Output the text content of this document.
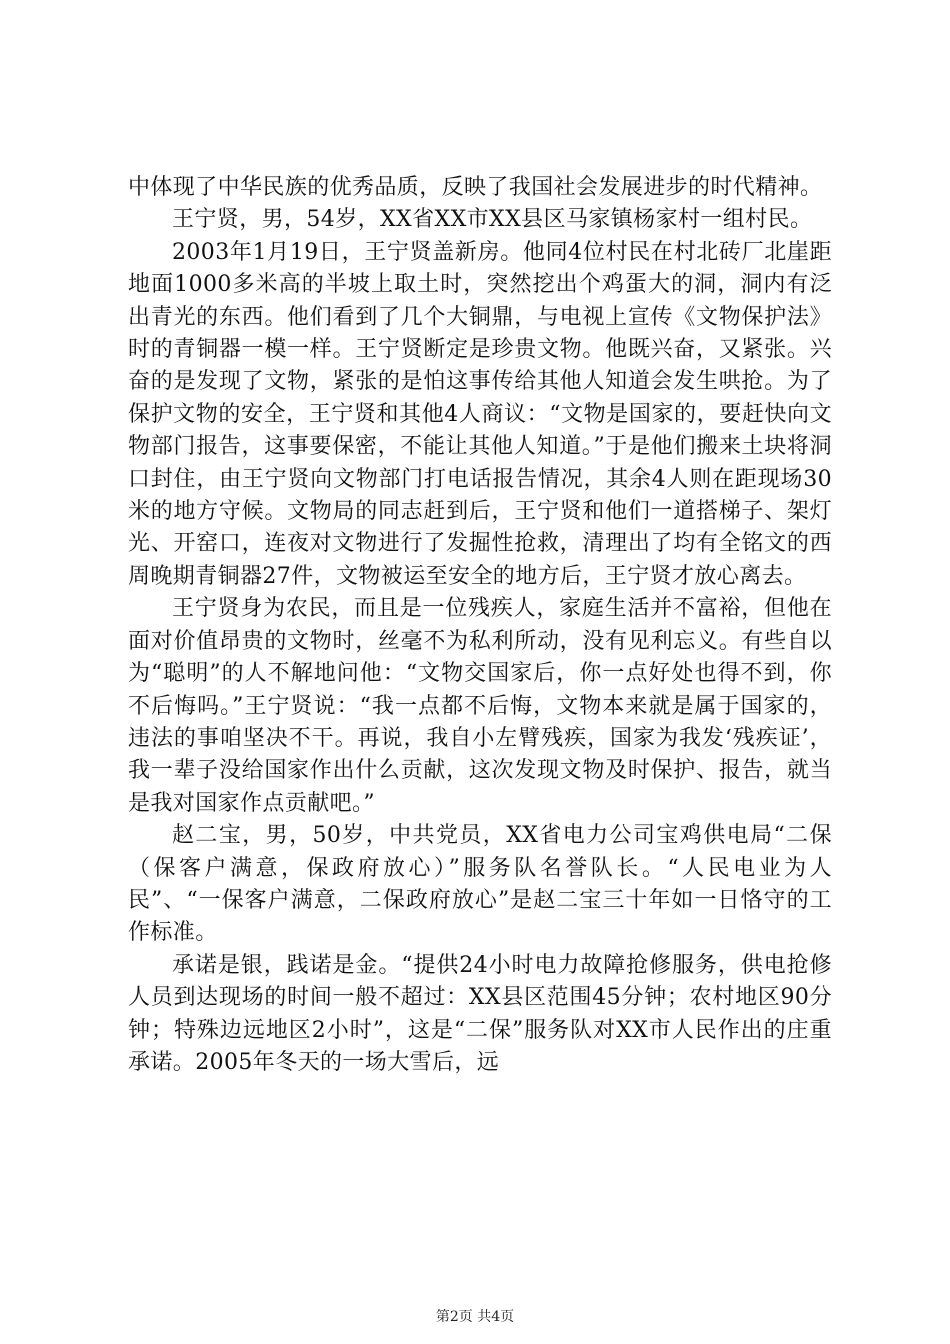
中体现了中华民族的优秀品质，反映了我国社会发展进步的时代精神。

王宁贤，男，54岁，XX省XX市XX县区马家镇杨家村一组村民。

2003年1月19日，王宁贤盖新房。他同4位村民在村北砖厂北崖距地面1000多米高的半坡上取土时，突然挖出个鸡蛋大的洞，洞内有泛出青光的东西。他们看到了几个大铜鼎，与电视上宣传《文物保护法》时的青铜器一模一样。王宁贤断定是珍贵文物。他既兴奋，又紧张。兴奋的是发现了文物，紧张的是怕这事传给其他人知道会发生哄抢。为了保护文物的安全，王宁贤和其他4人商议：“文物是国家的，要赶快向文物部门报告，这事要保密，不能让其他人知道。”于是他们搬来土块将洞口封住，由王宁贤向文物部门打电话报告情况，其余4人则在距现场30米的地方守候。文物局的同志赶到后，王宁贤和他们一道搭梯子、架灯光、开窑口，连夜对文物进行了发掘性抢救，清理出了均有全铭文的西周晚期青铜器27件，文物被运至安全的地方后，王宁贤才放心离去。

王宁贤身为农民，而且是一位残疾人，家庭生活并不富裕，但他在面对价值昂贵的文物时，丝毫不为私利所动，没有见利忘义。有些自以为“聪明”的人不解地问他：“文物交国家后，你一点好处也得不到，你不后悔吗。”王宁贤说：“我一点都不后悔，文物本来就是属于国家的，违法的事咱坚决不干。再说，我自小左臂残疾，国家为我发‘残疾证’，我一辈子没给国家作出什么贡献，这次发现文物及时保护、报告，就当是我对国家作点贡献吧。”

赵二宝，男，50岁，中共党员，XX省电力公司宝鸡供电局“二保（保客户满意，保政府放心）”服务队名誉队长。“人民电业为人民”、“一保客户满意，二保政府放心”是赵二宝三十年如一日恪守的工作标准。

承诺是银，践诺是金。“提供24小时电力故障抢修服务，供电抢修人员到达现场的时间一般不超过：XX县区范围45分钟；农村地区90分钟；特殊边远地区2小时”，这是“二保”服务队对XX市人民作出的庄重承诺。2005年冬天的一场大雪后，远

第2页 共4页
